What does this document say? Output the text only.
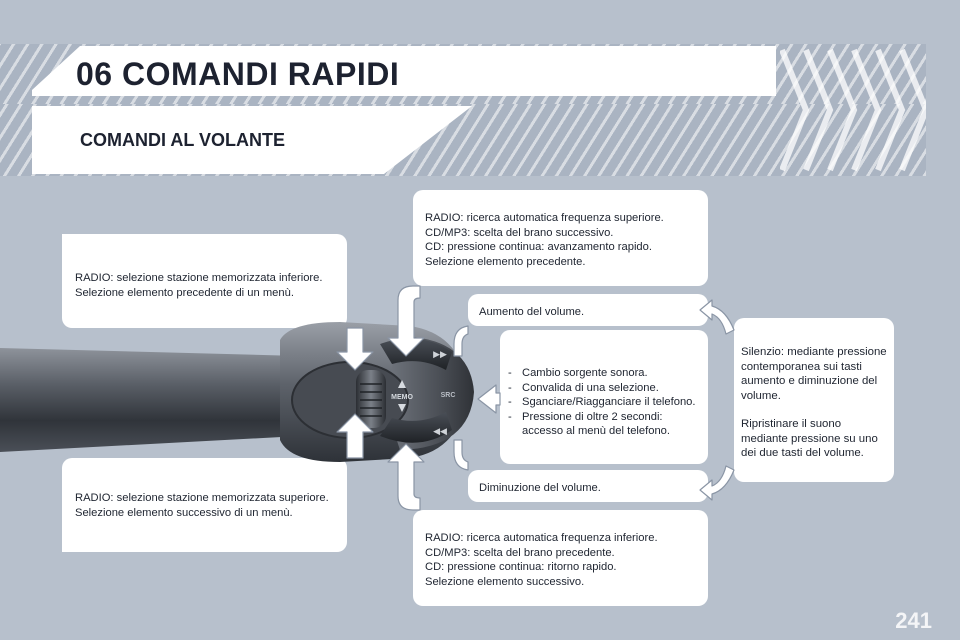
06 COMANDI RAPIDI
COMANDI AL VOLANTE

RADIO: selezione stazione memorizzata inferiore.

Selezione elemento precedente di un menù.

RADIO: selezione stazione memorizzata superiore.

Selezione elemento successivo di un menù.

RADIO: ricerca automatica frequenza superiore.

CD/MP3: scelta del brano successivo.

CD: pressione continua: avanzamento rapido.

Selezione elemento precedente.

RADIO: ricerca automatica frequenza inferiore.

CD/MP3: scelta del brano precedente.

CD: pressione continua: ritorno rapido.

Selezione elemento successivo.

Aumento del volume.

- Cambio sorgente sonora.
- Convalida di una selezione.
- Sganciare/Riagganciare il telefono.
- Pressione di oltre 2 secondi: accesso al menù del telefono.

Diminuzione del volume.

Silenzio: mediante pressione contemporanea sui tasti aumento e diminuzione del volume.

Ripristinare il suono mediante pressione su uno dei due tasti del volume.

MEMO	SRC
▶▶
◀◀
241
